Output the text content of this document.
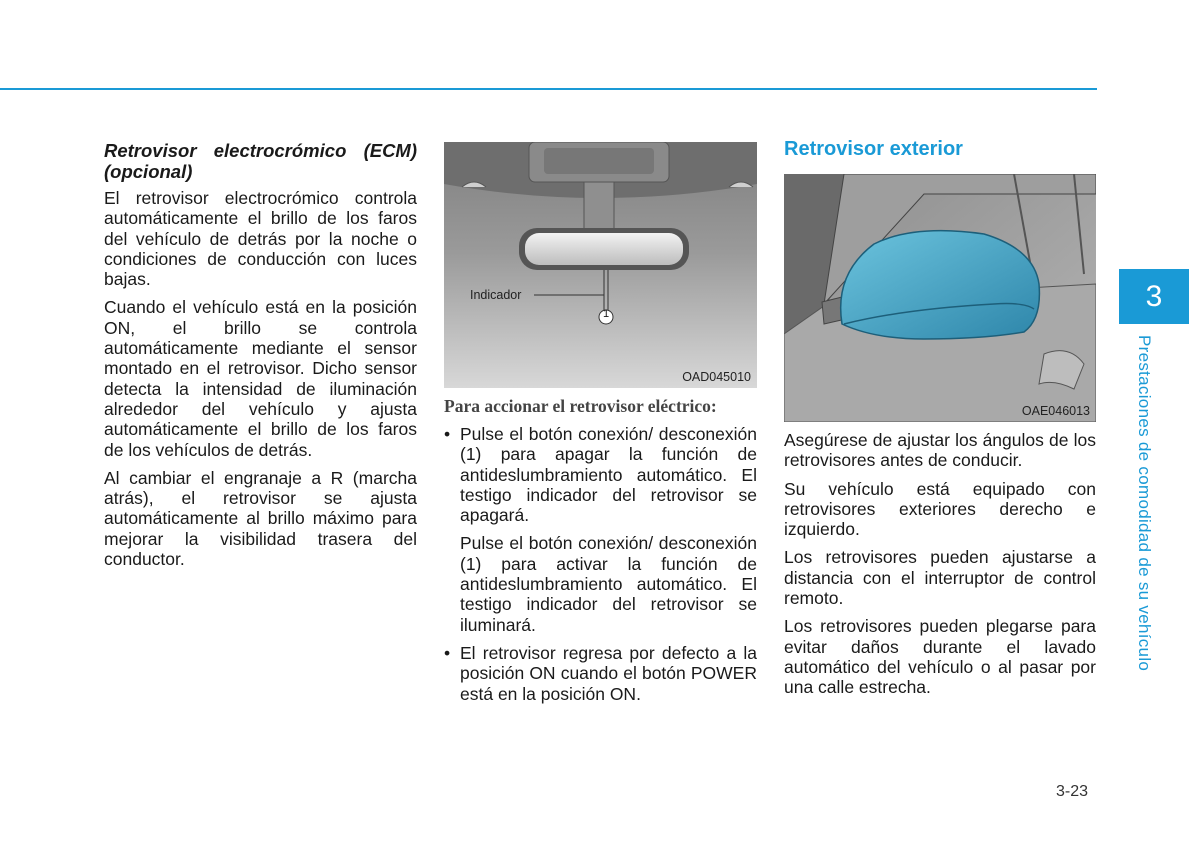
Retrovisor electrocrómico (ECM) (opcional)

El retrovisor electrocrómico controla automáticamente el brillo de los faros del vehículo de detrás por la noche o condiciones de conducción con luces bajas.

Cuando el vehículo está en la posición ON, el brillo se controla automáticamente mediante el sensor montado en el retrovisor. Dicho sensor detecta la intensidad de iluminación alrededor del vehículo y ajusta automáticamente el brillo de los faros de los vehículos de detrás.

Al cambiar el engranaje a R (marcha atrás), el retrovisor se ajusta automáticamente al brillo máximo para mejorar la visibilidad trasera del conductor.

Indicador
1
OAD045010
Para accionar el retrovisor eléctrico:
• Pulse el botón conexión/ desconexión (1) para apagar la función de antideslumbramiento automático. El testigo indicador del retrovisor se apagará.
Pulse el botón conexión/ desconexión (1) para activar la función de antideslumbramiento automático. El testigo indicador del retrovisor se iluminará.
• El retrovisor regresa por defecto a la posición ON cuando el botón POWER está en la posición ON.
Retrovisor exterior
OAE046013

Asegúrese de ajustar los ángulos de los retrovisores antes de conducir.

Su vehículo está equipado con retrovisores exteriores derecho e izquierdo.

Los retrovisores pueden ajustarse a distancia con el interruptor de control remoto.

Los retrovisores pueden plegarse para evitar daños durante el lavado automático del vehículo o al pasar por una calle estrecha.

3
Prestaciones de comodidad de su vehículo
3-23
